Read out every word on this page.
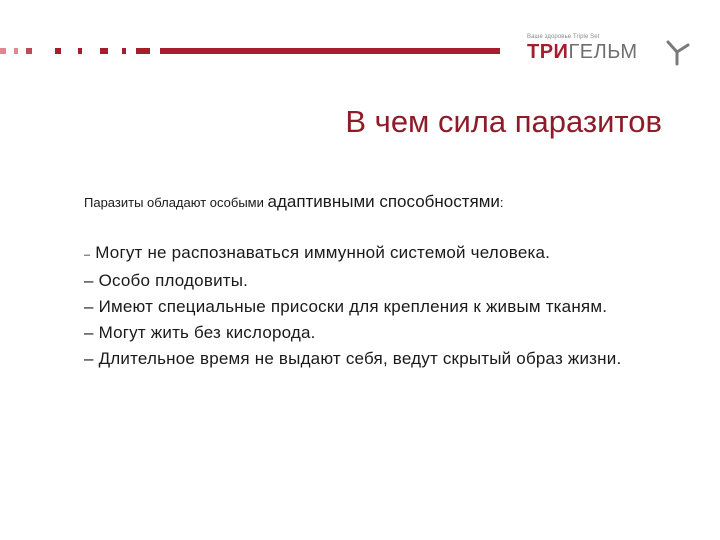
Вашe здоровье Triple Set
ТРИГЕЛЬМ
В чем сила паразитов
Паразиты обладают особыми адаптивными способностями:
– Могут не распознаваться иммунной системой человека.
– Особо плодовиты.
– Имеют специальные присоски для крепления к живым тканям.
– Могут жить без кислорода.
– Длительное время не выдают себя, ведут скрытый образ жизни.
